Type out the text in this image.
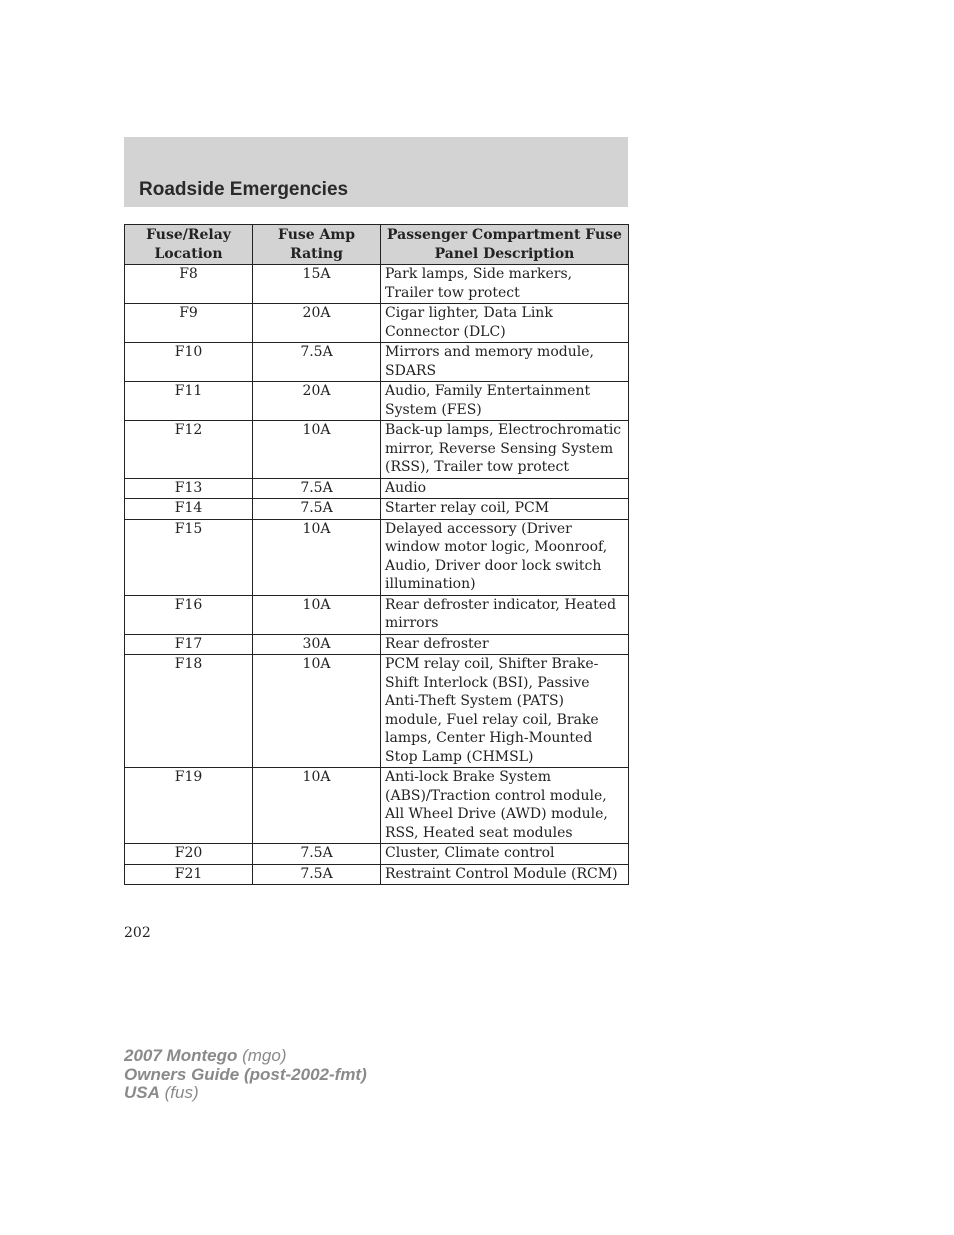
Roadside Emergencies
Fuse/Relay Location	Fuse Amp Rating	Passenger Compartment Fuse Panel Description
F8	15A	Park lamps, Side markers, Trailer tow protect
F9	20A	Cigar lighter, Data Link Connector (DLC)
F10	7.5A	Mirrors and memory module, SDARS
F11	20A	Audio, Family Entertainment System (FES)
F12	10A	Back-up lamps, Electrochromatic mirror, Reverse Sensing System (RSS), Trailer tow protect
F13	7.5A	Audio
F14	7.5A	Starter relay coil, PCM
F15	10A	Delayed accessory (Driver window motor logic, Moonroof, Audio, Driver door lock switch illumination)
F16	10A	Rear defroster indicator, Heated mirrors
F17	30A	Rear defroster
F18	10A	PCM relay coil, Shifter Brake-Shift Interlock (BSI), Passive Anti-Theft System (PATS) module, Fuel relay coil, Brake lamps, Center High-Mounted Stop Lamp (CHMSL)
F19	10A	Anti-lock Brake System (ABS)/Traction control module, All Wheel Drive (AWD) module, RSS, Heated seat modules
F20	7.5A	Cluster, Climate control
F21	7.5A	Restraint Control Module (RCM)
202
2007 Montego (mgo)
Owners Guide (post-2002-fmt)
USA (fus)
